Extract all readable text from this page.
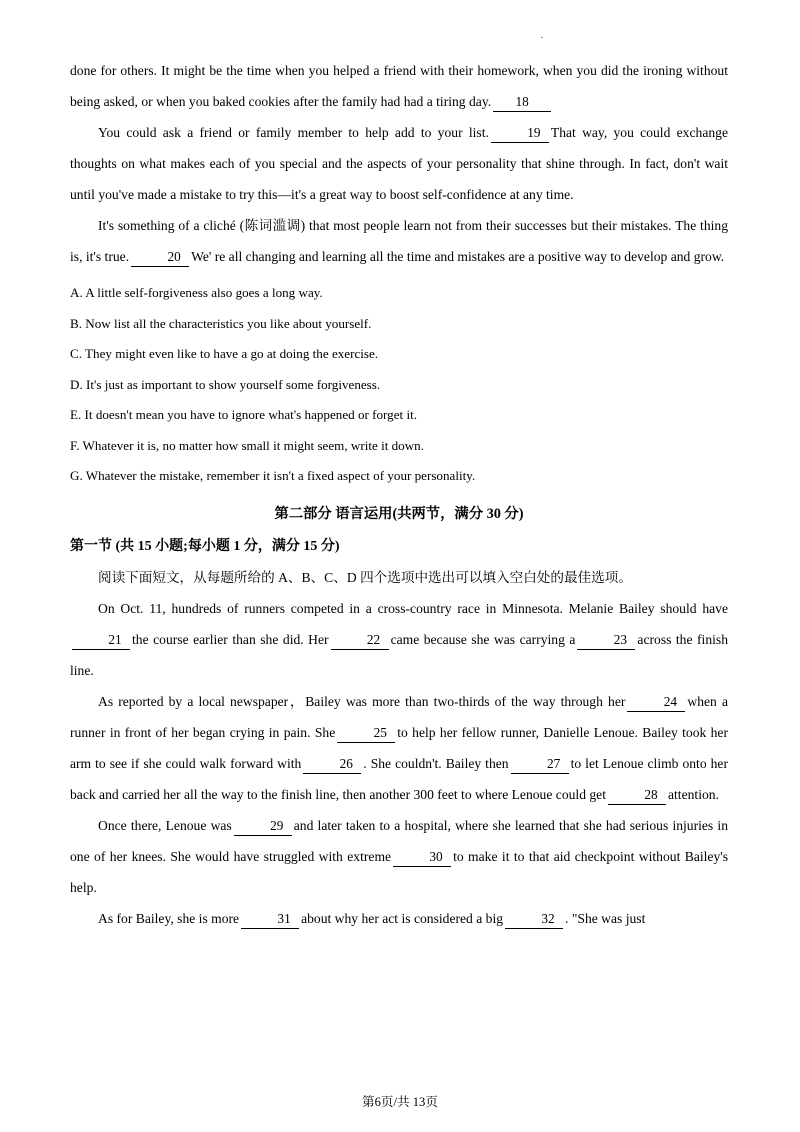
·

done for others. It might be the time when you helped a friend with their homework, when you did the ironing without being asked, or when you baked cookies after the family had had a tiring day. 18

You could ask a friend or family member to help add to your list.	19 That way, you could exchange thoughts on what makes each of you special and the aspects of your personality that shine through. In fact, don't wait until you've made a mistake to try this—it's a great way to boost self-confidence at any time.

It's something of a cliché (陈词滥调) that most people learn not from their successes but their mistakes. The thing is, it's true.	20 We' re all changing and learning all the time and mistakes are a positive way to develop and grow.

A. A little self-forgiveness also goes a long way.

B. Now list all the characteristics you like about yourself.

C. They might even like to have a go at doing the exercise.

D. It's just as important to show yourself some forgiveness.

E. It doesn't mean you have to ignore what's happened or forget it.

F. Whatever it is, no matter how small it might seem, write it down.

G. Whatever the mistake, remember it isn't a fixed aspect of your personality.

第二部分 语言运用(共两节，满分 30 分)

第一节 (共 15 小题;每小题 1 分，满分 15 分)

阅读下面短文，从每题所给的 A、B、C、D 四个选项中选出可以填入空白处的最佳选项。

On Oct. 11, hundreds of runners competed in a cross-country race in Minnesota. Melanie Bailey should have21 the course earlier than she did. Her	22 came because she was carrying a	23 across the finish line.

As reported by a local newspaper，Bailey was more than two-thirds of the way through her	24 when a runner in front of her began crying in pain. She	25 to help her fellow runner, Danielle Lenoue. Bailey took her arm to see if she could walk forward with	26 . She couldn't. Bailey then	27 to let Lenoue climb onto her back and carried her all the way to the finish line, then another 300 feet to where Lenoue could get	28 attention.

Once there, Lenoue was	29 and later taken to a hospital, where she learned that she had serious injuries in one of her knees. She would have struggled with extreme	30 to make it to that aid checkpoint without Bailey's help.

As for Bailey, she is more	31 about why her act is considered a big	32 . "She was just

第6页/共 13页
